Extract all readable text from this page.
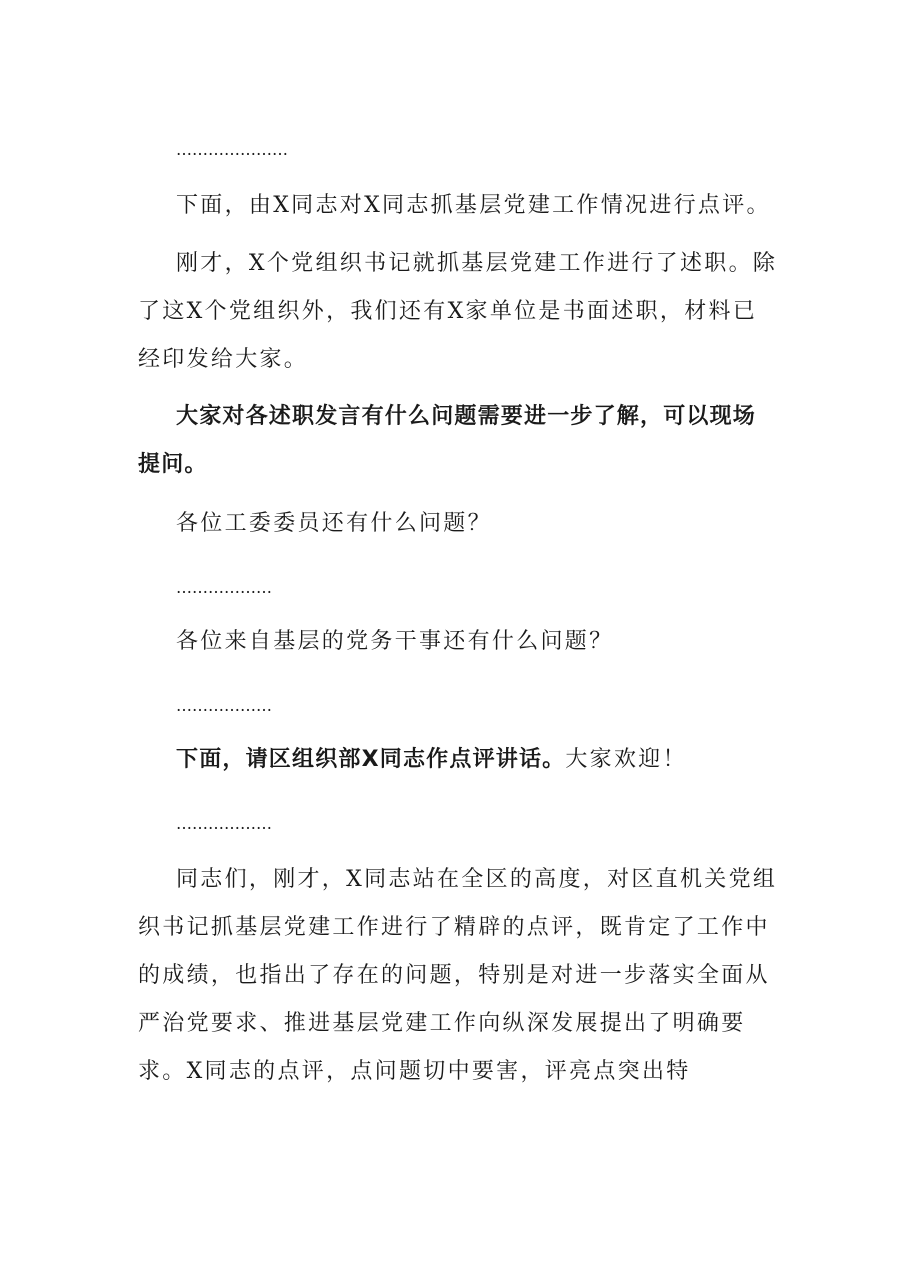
…………………

下面，由X同志对X同志抓基层党建工作情况进行点评。

刚才，X个党组织书记就抓基层党建工作进行了述职。除了这X个党组织外，我们还有X家单位是书面述职，材料已经印发给大家。

大家对各述职发言有什么问题需要进一步了解，可以现场提问。

各位工委委员还有什么问题？

………………

各位来自基层的党务干事还有什么问题？

………………

下面，请区组织部X同志作点评讲话。大家欢迎！

………………

同志们，刚才，X同志站在全区的高度，对区直机关党组织书记抓基层党建工作进行了精辟的点评，既肯定了工作中的成绩，也指出了存在的问题，特别是对进一步落实全面从严治党要求、推进基层党建工作向纵深发展提出了明确要求。X同志的点评，点问题切中要害，评亮点突出特
